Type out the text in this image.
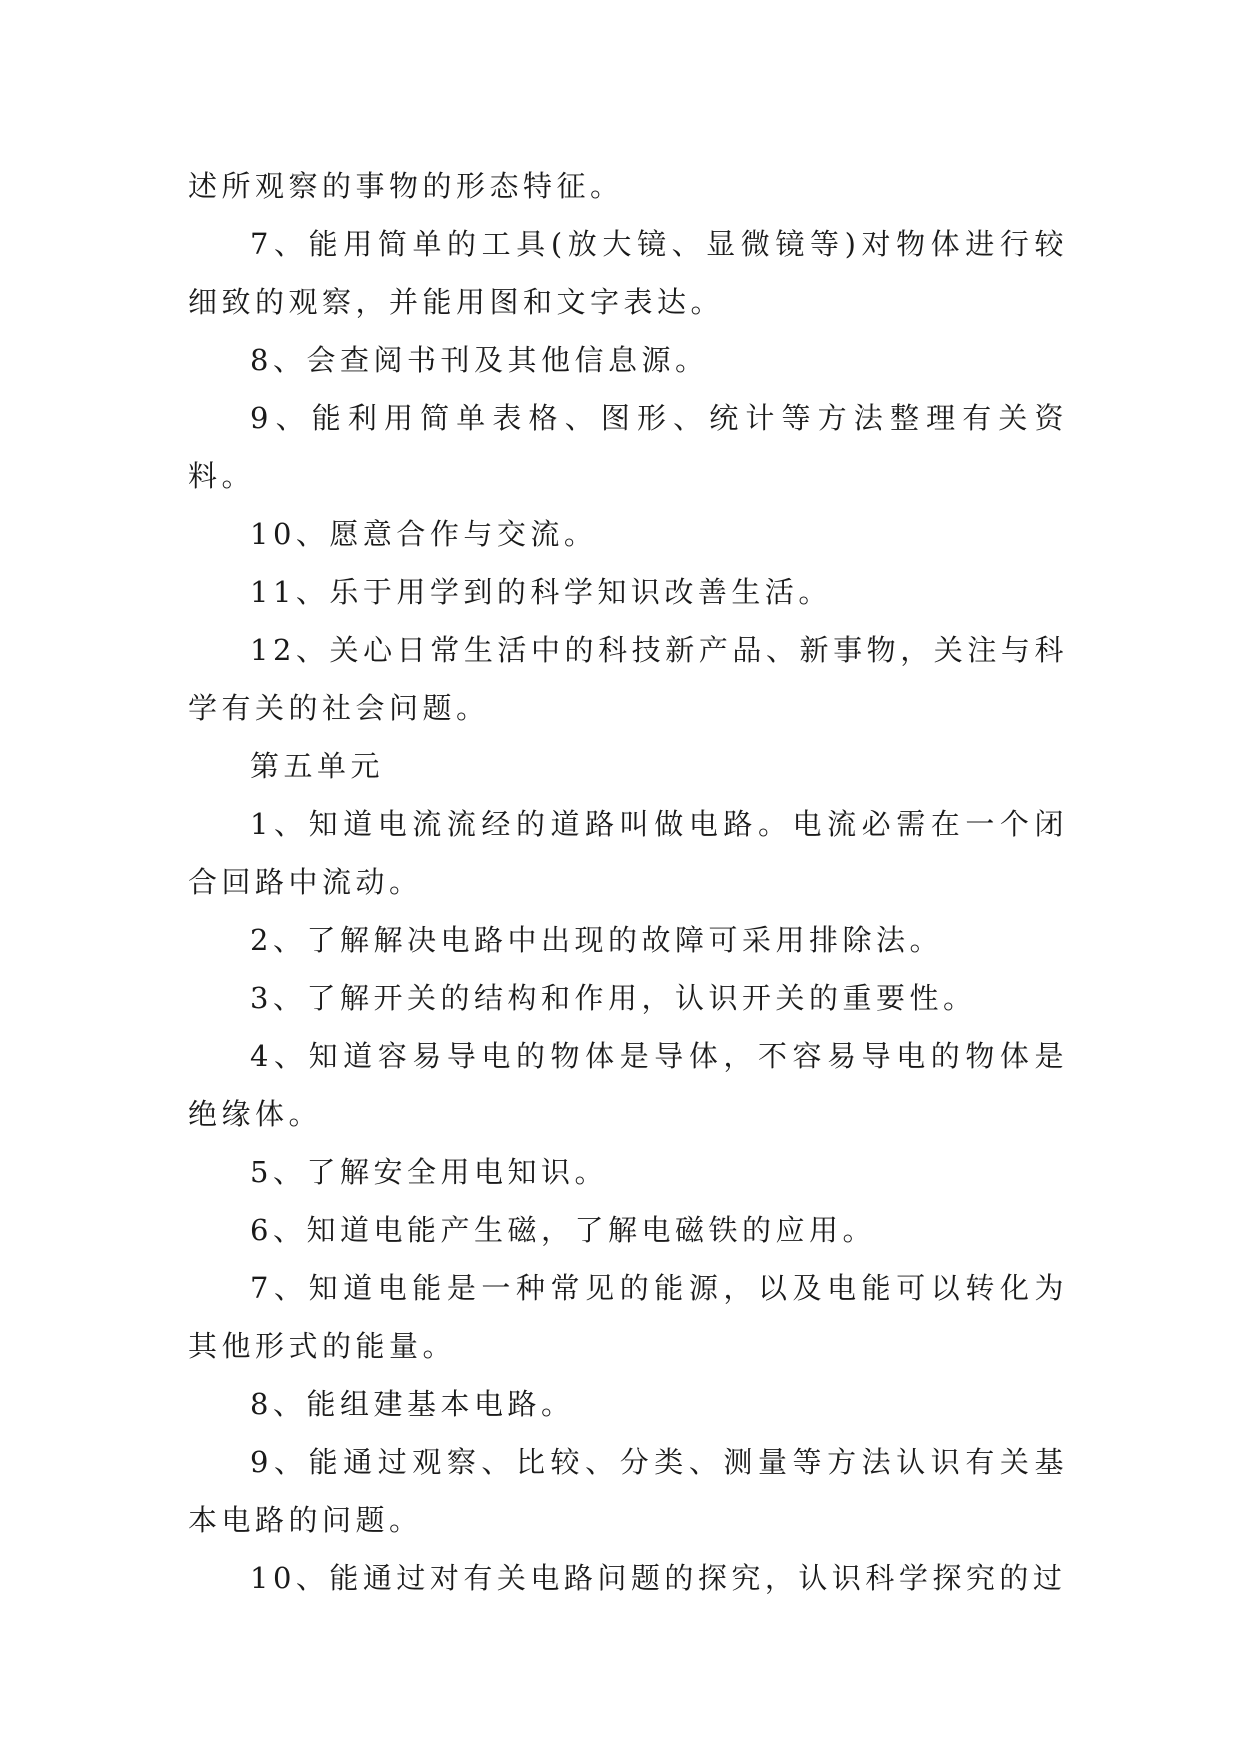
述所观察的事物的形态特征。

7、能用简单的工具(放大镜、显微镜等)对物体进行较细致的观察，并能用图和文字表达。

8、会查阅书刊及其他信息源。

9、能利用简单表格、图形、统计等方法整理有关资料。

10、愿意合作与交流。

11、乐于用学到的科学知识改善生活。

12、关心日常生活中的科技新产品、新事物，关注与科学有关的社会问题。

第五单元

1、知道电流流经的道路叫做电路。电流必需在一个闭合回路中流动。

2、了解解决电路中出现的故障可采用排除法。

3、了解开关的结构和作用，认识开关的重要性。

4、知道容易导电的物体是导体，不容易导电的物体是绝缘体。

5、了解安全用电知识。

6、知道电能产生磁，了解电磁铁的应用。

7、知道电能是一种常见的能源，以及电能可以转化为其他形式的能量。

8、能组建基本电路。

9、能通过观察、比较、分类、测量等方法认识有关基本电路的问题。

10、能通过对有关电路问题的探究，认识科学探究的过
